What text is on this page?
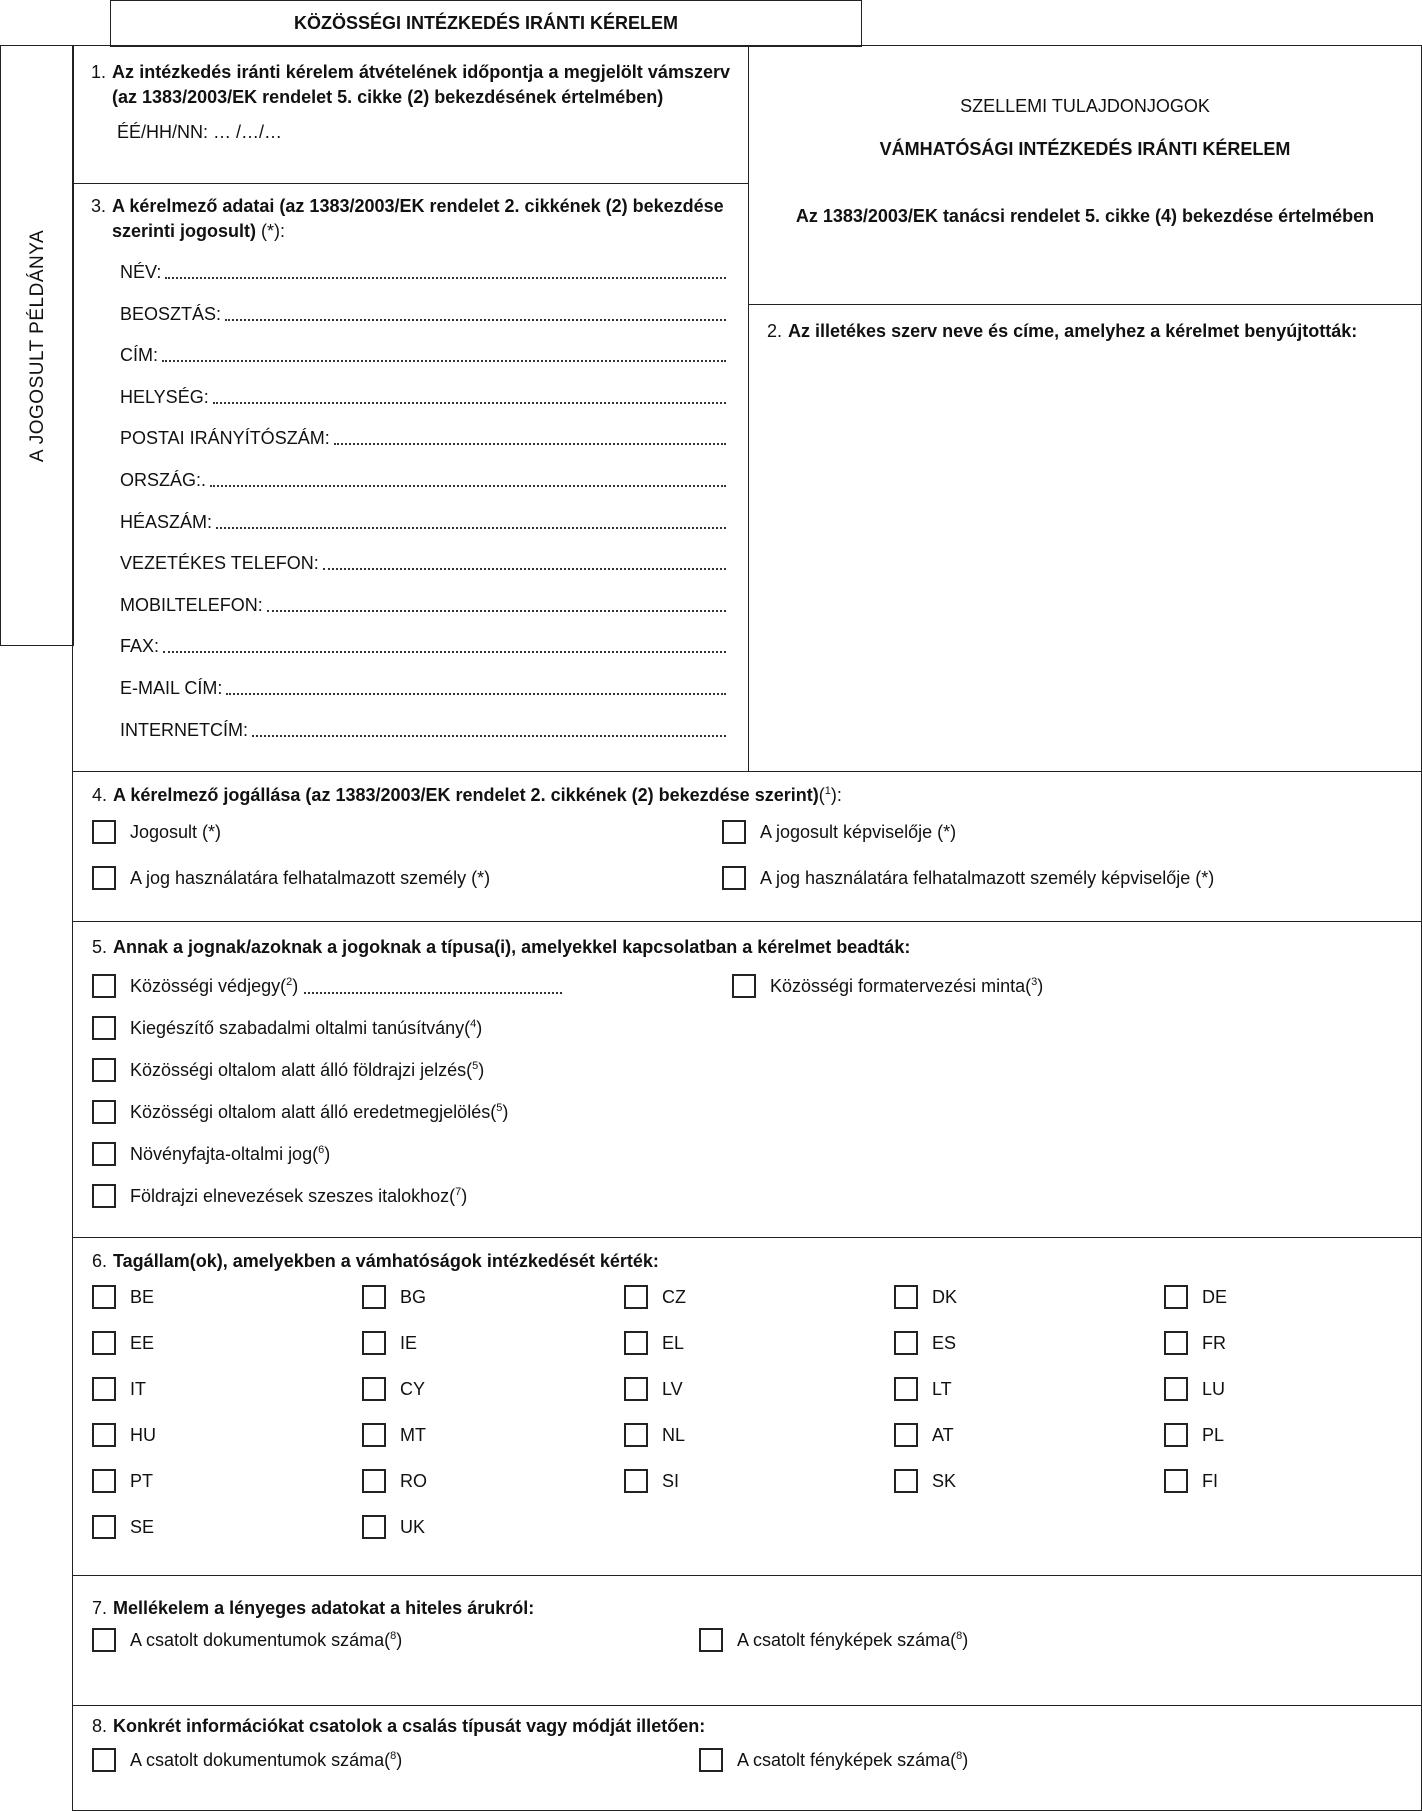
KÖZÖSSÉGI INTÉZKEDÉS IRÁNTI KÉRELEM
A JOGOSULT PÉLDÁNYA
1. Az intézkedés iránti kérelem átvételének időpontja a megjelölt vámszerv (az 1383/2003/EK rendelet 5. cikke (2) bekezdésének értelmében)
ÉÉ/HH/NN: … /…/…
SZELLEMI TULAJDONJOGOK
VÁMHATÓSÁGI INTÉZKEDÉS IRÁNTI KÉRELEM
Az 1383/2003/EK tanácsi rendelet 5. cikke (4) bekezdése értelmében
3. A kérelmező adatai (az 1383/2003/EK rendelet 2. cikkének (2) bekezdése szerinti jogosult) (*):
NÉV:
BEOSZTÁS:
CÍM:
HELYSÉG:
POSTAI IRÁNYÍTÓSZÁM:
ORSZÁG:.
HÉASZÁM:
VEZETÉKES TELEFON:
MOBILTELEFON:
FAX:
E-MAIL CÍM:
INTERNETCÍM:
2. Az illetékes szerv neve és címe, amelyhez a kérelmet benyújtották:
4. A kérelmező jogállása (az 1383/2003/EK rendelet 2. cikkének (2) bekezdése szerint) ( $^1$ ) :
5. Annak a jognak/azoknak a jogoknak a típusa(i), amelyekkel kapcsolatban a kérelmet beadták:
6. Tagállam(ok), amelyekben a vámhatóságok intézkedését kérték:
7. Mellékelem a lényeges adatokat a hiteles árukról:
8. Konkrét információkat csatolok a csalás típusát vagy módját illetően:
Jogosult (*)	A jogosult képviselője (*)
A jog használatára felhatalmazott személy (*)	A jog használatára felhatalmazott személy képviselője (*)
Közösségi védjegy ( $^2$ )	Közösségi formatervezési minta ( $^3$ )
Kiegészítő szabadalmi oltalmi tanúsítvány ( $^4$ )
Közösségi oltalom alatt álló földrajzi jelzés ( $^5$ )
Közösségi oltalom alatt álló eredetmegjelölés ( $^5$ )
Növényfajta-oltalmi jog ( $^6$ )
Földrajzi elnevezések szeszes italokhoz ( $^7$ )
BE	BG	CZ	DK	DE
EE	IE	EL	ES	FR
IT	CY	LV	LT	LU
HU	MT	NL	AT	PL
PT	RO	SI	SK	FI
SE	UK
A csatolt dokumentumok száma ( $^8$ )	A csatolt fényképek száma ( $^8$ )
A csatolt dokumentumok száma ( $^8$ )	A csatolt fényképek száma ( $^8$ )
